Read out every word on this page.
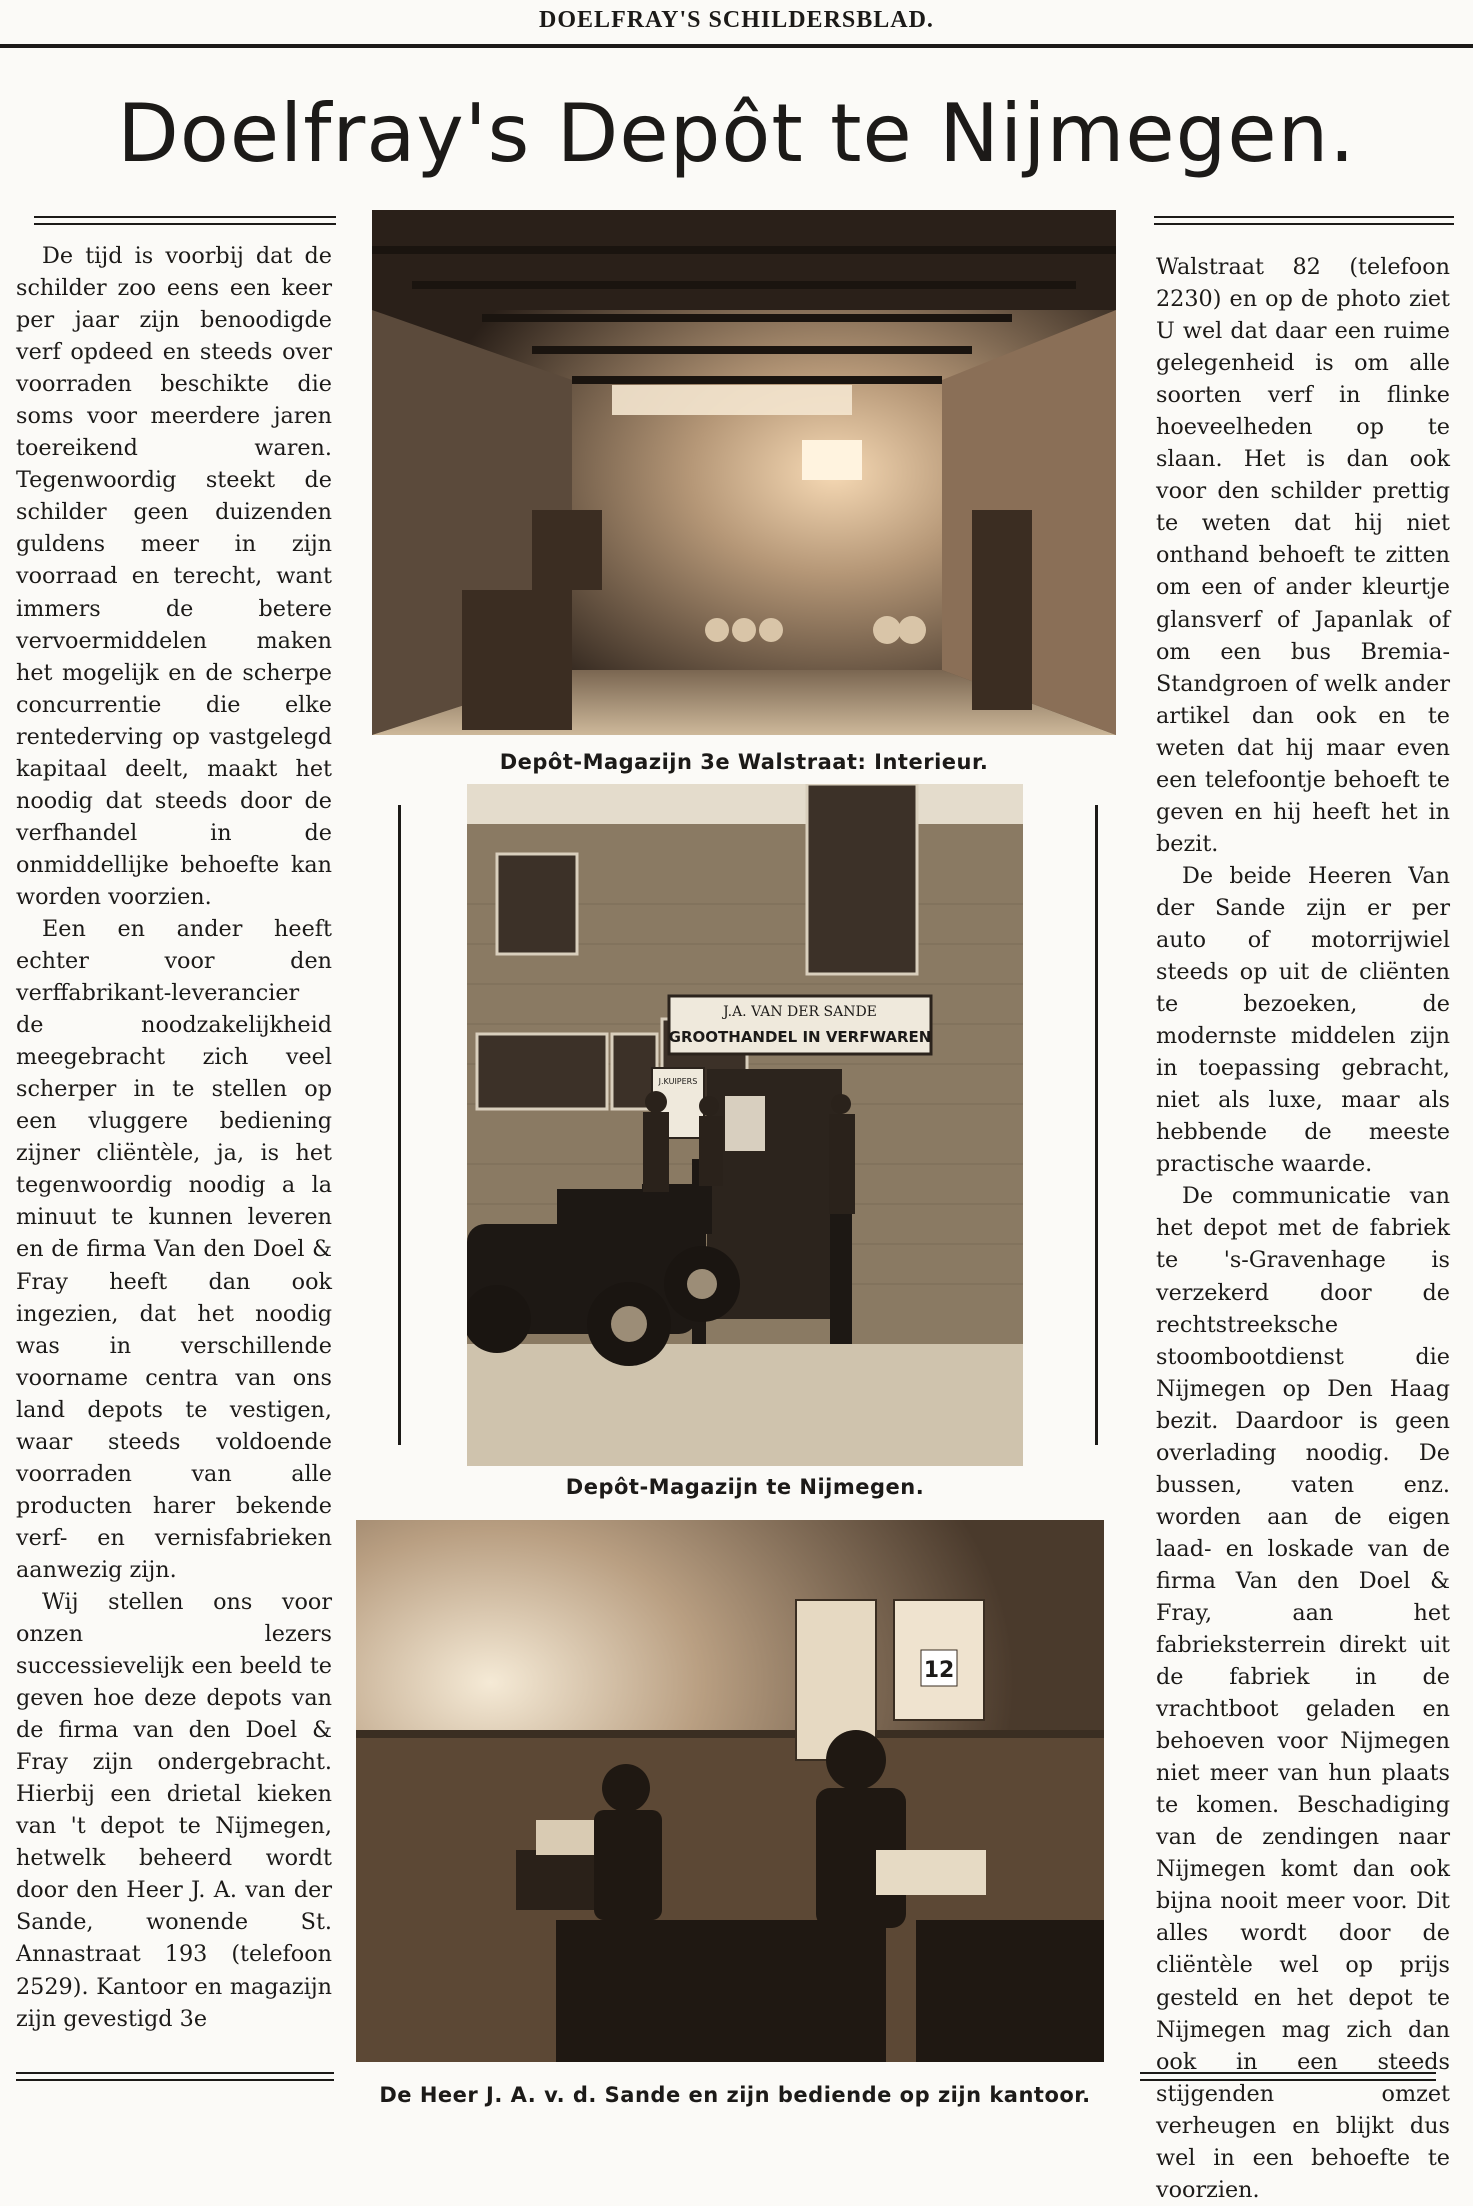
DOELFRAY'S SCHILDERSBLAD.
Doelfray's Depôt te Nijmegen.

De tijd is voorbij dat de schilder zoo eens een keer per jaar zijn benoodigde verf opdeed en steeds over voorraden beschikte die soms voor meerdere jaren toereikend waren. Tegenwoordig steekt de schilder geen duizenden guldens meer in zijn voorraad en terecht, want immers de betere vervoermiddelen maken het mogelijk en de scherpe concurrentie die elke rentederving op vastgelegd kapitaal deelt, maakt het noodig dat steeds door de verfhandel in de onmiddellijke behoefte kan worden voorzien.

Een en ander heeft echter voor den verffabrikant-leverancier de noodzakelijkheid meegebracht zich veel scherper in te stellen op een vluggere bediening zijner cliëntèle, ja, is het tegenwoordig noodig a la minuut te kunnen leveren en de firma Van den Doel & Fray heeft dan ook ingezien, dat het noodig was in verschillende voorname centra van ons land depots te vestigen, waar steeds voldoende voorraden van alle producten harer bekende verf- en vernisfabrieken aanwezig zijn.

Wij stellen ons voor onzen lezers successievelijk een beeld te geven hoe deze depots van de firma van den Doel & Fray zijn ondergebracht. Hierbij een drietal kieken van 't depot te Nijmegen, hetwelk beheerd wordt door den Heer J. A. van der Sande, wonende St. Annastraat 193 (telefoon 2529). Kantoor en magazijn zijn gevestigd 3e

Walstraat 82 (telefoon 2230) en op de photo ziet U wel dat daar een ruime gelegenheid is om alle soorten verf in flinke hoeveelheden op te slaan. Het is dan ook voor den schilder prettig te weten dat hij niet onthand behoeft te zitten om een of ander kleurtje glansverf of Japanlak of om een bus Bremia-Standgroen of welk ander artikel dan ook en te weten dat hij maar even een telefoontje behoeft te geven en hij heeft het in bezit.

De beide Heeren Van der Sande zijn er per auto of motorrijwiel steeds op uit de cliënten te bezoeken, de modernste middelen zijn in toepassing gebracht, niet als luxe, maar als hebbende de meeste practische waarde.

De communicatie van het depot met de fabriek te 's-Gravenhage is verzekerd door de rechtstreeksche stoombootdienst die Nijmegen op Den Haag bezit. Daardoor is geen overlading noodig. De bussen, vaten enz. worden aan de eigen laad- en loskade van de firma Van den Doel & Fray, aan het fabrieksterrein direkt uit de fabriek in de vrachtboot geladen en behoeven voor Nijmegen niet meer van hun plaats te komen. Beschadiging van de zendingen naar Nijmegen komt dan ook bijna nooit meer voor. Dit alles wordt door de cliëntèle wel op prijs gesteld en het depot te Nijmegen mag zich dan ook in een steeds stijgenden omzet verheugen en blijkt dus wel in een behoefte te voorzien.

Depôt-Magazijn 3e Walstraat: Interieur.
J.A. VAN DER SANDE
GROOTHANDEL IN VERFWAREN
J.KUIPERS
Depôt-Magazijn te Nijmegen.
12
De Heer J. A. v. d. Sande en zijn bediende op zijn kantoor.
